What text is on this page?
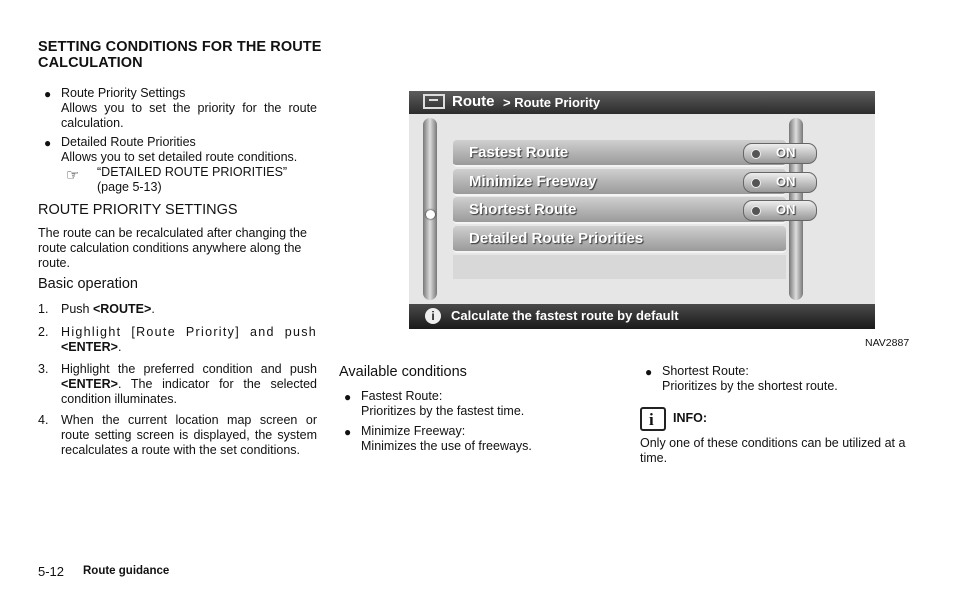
SETTING CONDITIONS FOR THE ROUTE CALCULATION
● Route Priority Settings
Allows you to set the priority for the route calculation.
● Detailed Route Priorities
Allows you to set detailed route conditions.
☞ “DETAILED ROUTE PRIORITIES”
(page 5-13)
ROUTE PRIORITY SETTINGS
The route can be recalculated after changing the route calculation conditions anywhere along the route.
Basic operation
1. Push <ROUTE>.
2. Highlight [Route Priority] and push <ENTER>.
3. Highlight the preferred condition and push <ENTER>. The indicator for the selected condition illuminates.
4. When the current location map screen or route setting screen is displayed, the system recalculates a route with the set conditions.
Route > Route Priority
Fastest Route	ON
Minimize Freeway	ON
Shortest Route	ON
Detailed Route Priorities
i	Calculate the fastest route by default
NAV2887
Available conditions
● Fastest Route:
Prioritizes by the fastest time.
● Minimize Freeway:
Minimizes the use of freeways.
● Shortest Route:
Prioritizes by the shortest route.
i INFO:
Only one of these conditions can be utilized at a time.
5-12 Route guidance
